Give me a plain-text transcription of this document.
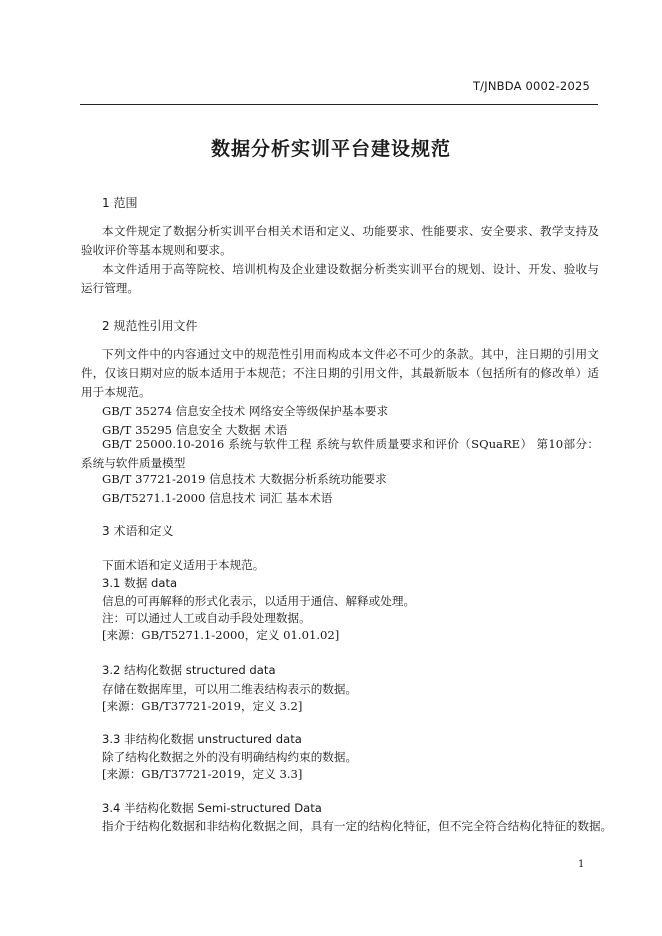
T/JNBDA 0002-2025
数据分析实训平台建设规范
1 范围
本文件规定了数据分析实训平台相关术语和定义、功能要求、性能要求、安全要求、教学支持及验收评价等基本规则和要求。
本文件适用于高等院校、培训机构及企业建设数据分析类实训平台的规划、设计、开发、验收与运行管理。
2 规范性引用文件
下列文件中的内容通过文中的规范性引用而构成本文件必不可少的条款。其中，注日期的引用文件，仅该日期对应的版本适用于本规范；不注日期的引用文件，其最新版本（包括所有的修改单）适用于本规范。
GB/T 35274 信息安全技术 网络安全等级保护基本要求
GB/T 35295 信息安全 大数据 术语
GB/T 25000.10-2016 系统与软件工程 系统与软件质量要求和评价（SQuaRE） 第10部分：系统与软件质量模型
GB/T 37721-2019 信息技术 大数据分析系统功能要求
GB/T5271.1-2000 信息技术 词汇 基本术语
3 术语和定义
下面术语和定义适用于本规范。
3.1 数据 data
信息的可再解释的形式化表示，以适用于通信、解释或处理。
注：可以通过人工或自动手段处理数据。
[来源：GB/T5271.1-2000，定义 01.01.02]
3.2 结构化数据 structured data
存储在数据库里，可以用二维表结构表示的数据。
[来源：GB/T37721-2019，定义 3.2]
3.3 非结构化数据 unstructured data
除了结构化数据之外的没有明确结构约束的数据。
[来源：GB/T37721-2019，定义 3.3]
3.4 半结构化数据 Semi-structured Data
指介于结构化数据和非结构化数据之间，具有一定的结构化特征，但不完全符合结构化特征的数据。
1
